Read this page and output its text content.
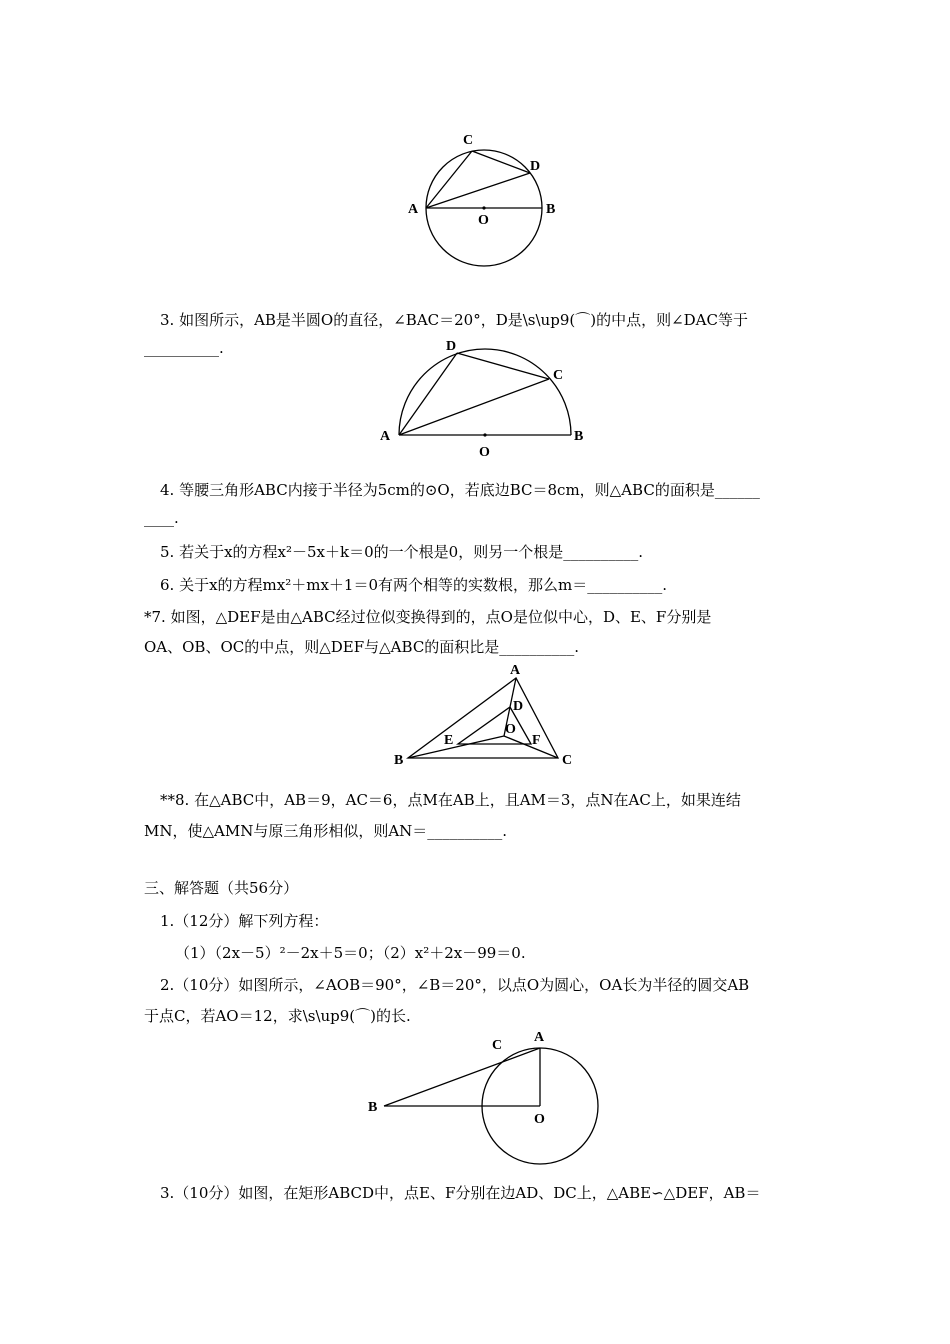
C
D
A	B
O
3. 如图所示，AB是半圆O的直径，∠BAC＝20°，D是\s\up9(⌒)的中点，则∠DAC等于
__________.	D
C
A	B
O
4. 等腰三角形ABC内接于半径为5cm的⊙O，若底边BC＝8cm，则△ABC的面积是______
____.
5. 若关于x的方程x²－5x＋k＝0的一个根是0，则另一个根是__________.
6. 关于x的方程mx²＋mx＋1＝0有两个相等的实数根，那么m＝__________.
*7. 如图，△DEF是由△ABC经过位似变换得到的，点O是位似中心，D、E、F分别是
OA、OB、OC的中点，则△DEF与△ABC的面积比是__________.
A
D
O
E	F
B	C
**8. 在△ABC中，AB＝9，AC＝6，点M在AB上，且AM＝3，点N在AC上，如果连结
MN，使△AMN与原三角形相似，则AN＝__________.
三、解答题（共56分）
1.（12分）解下列方程：
（1）（2x－5）²－2x＋5＝0；（2）x²＋2x－99＝0.
2.（10分）如图所示，∠AOB＝90°，∠B＝20°，以点O为圆心，OA长为半径的圆交AB
于点C，若AO＝12，求\s\up9(⌒)的长.
A
C
B
O
3.（10分）如图，在矩形ABCD中，点E、F分别在边AD、DC上，△ABE∽△DEF，AB＝
